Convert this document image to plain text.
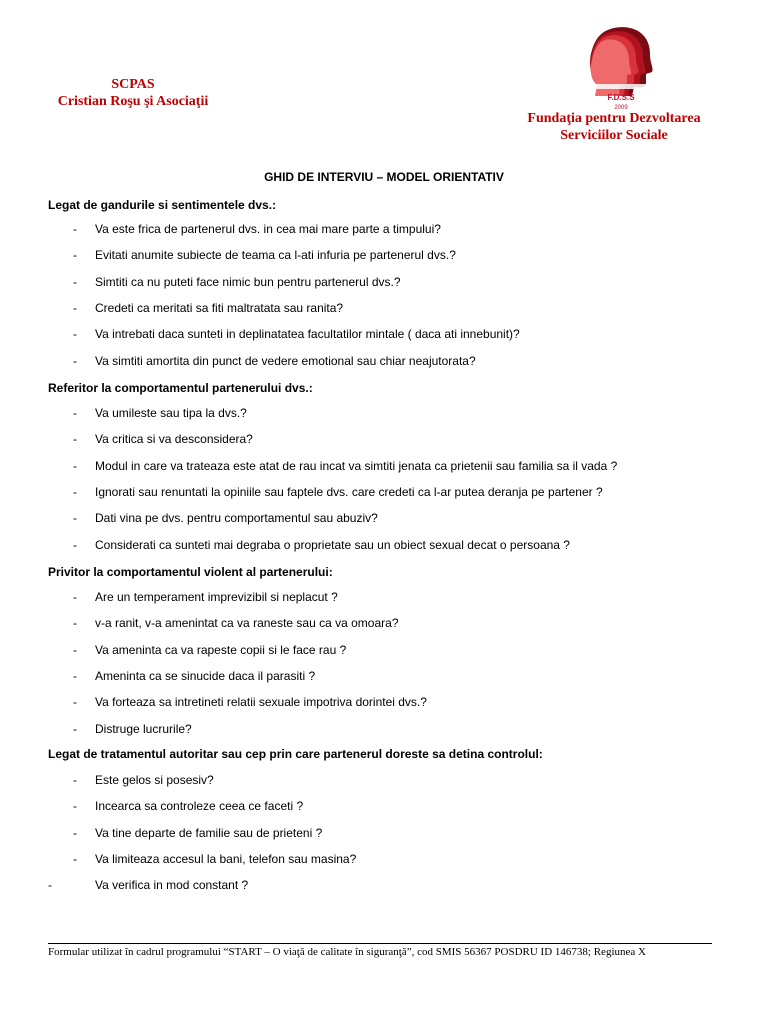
SCPAS
Cristian Roşu şi Asociaţii	F.D.S.S
2009
Fundaţia pentru Dezvoltarea
Serviciilor Sociale
GHID DE INTERVIU – MODEL ORIENTATIV
Legat de gandurile si sentimentele dvs.:
- Va este frica de partenerul dvs. in cea mai mare parte a timpului?
- Evitati anumite subiecte de teama ca l-ati infuria pe partenerul dvs.?
- Simtiti ca nu puteti face nimic bun pentru partenerul dvs.?
- Credeti ca meritati sa fiti maltratata sau ranita?
- Va intrebati daca sunteti in deplinatatea facultatilor mintale ( daca ati innebunit)?
- Va simtiti amortita din punct de vedere emotional sau chiar neajutorata?
Referitor la comportamentul partenerului dvs.:
- Va umileste sau tipa la dvs.?
- Va critica si va desconsidera?
- Modul in care va trateaza este atat de rau incat va simtiti jenata ca prietenii sau familia sa il vada ?
- Ignorati sau renuntati la opiniile sau faptele dvs. care credeti ca l-ar putea deranja pe partener ?
- Dati vina pe dvs. pentru comportamentul sau abuziv?
- Considerati ca sunteti mai degraba o proprietate sau un obiect sexual decat o persoana ?
Privitor la comportamentul violent al partenerului:
- Are un temperament imprevizibil si neplacut ?
- v-a ranit, v-a amenintat ca va raneste sau ca va omoara?
- Va ameninta ca va rapeste copii si le face rau ?
- Ameninta ca se sinucide daca il parasiti ?
- Va forteaza sa intretineti relatii sexuale impotriva dorintei dvs.?
- Distruge lucrurile?
Legat de tratamentul autoritar sau cep prin care partenerul doreste sa detina controlul:
- Este gelos si posesiv?
- Incearca sa controleze ceea ce faceti ?
- Va tine departe de familie sau de prieteni ?
- Va limiteaza accesul la bani, telefon sau masina?
-	Va verifica in mod constant ?
Formular utilizat în cadrul programului “START – O viaţă de calitate în siguranţă”, cod SMIS 56367 POSDRU ID 146738; Regiunea X
